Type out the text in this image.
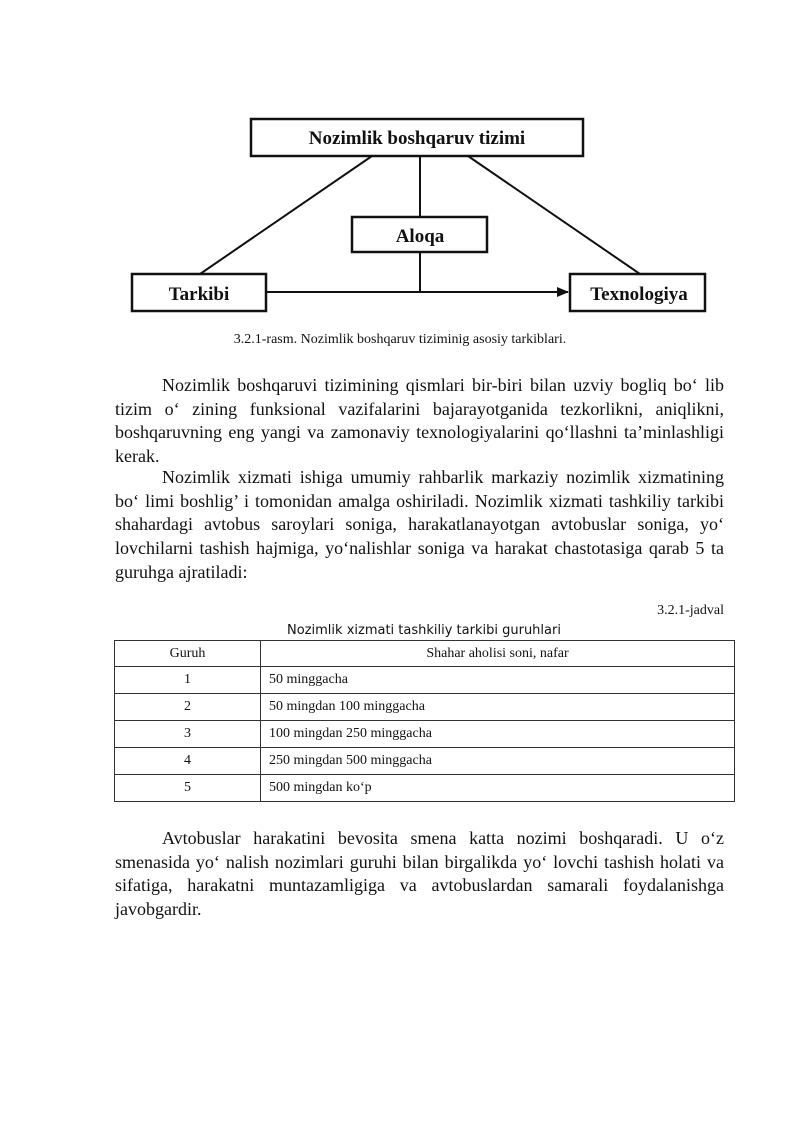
Nozimlik boshqaruv tizimi
Aloqa
Tarkibi	Texnologiya
3.2.1-rasm. Nozimlik boshqaruv tiziminig asosiy tarkiblari.

Nozimlik boshqaruvi tizimining qismlari bir-biri bilan uzviy bogliq bo‘ lib tizim o‘ zining funksional vazifalarini bajarayotganida tezkorlikni, aniqlikni, boshqaruvning eng yangi va zamonaviy texnologiyalarini qo‘llashni ta’minlashligi kerak.

Nozimlik xizmati ishiga umumiy rahbarlik markaziy nozimlik xizmatining bo‘ limi boshlig’ i tomonidan amalga oshiriladi. Nozimlik xizmati tashkiliy tarkibi shahardagi avtobus saroylari soniga, harakatlanayotgan avtobuslar soniga, yo‘ lovchilarni tashish hajmiga, yo‘nalishlar soniga va harakat chastotasiga qarab 5 ta guruhga ajratiladi:

3.2.1-jadval
Nozimlik xizmati tashkiliy tarkibi guruhlari
Guruh	Shahar aholisi soni, nafar
1	50 minggacha
2	50 mingdan 100 minggacha
3	100 mingdan 250 minggacha
4	250 mingdan 500 minggacha
5	500 mingdan ko‘p

Avtobuslar harakatini bevosita smena katta nozimi boshqaradi. U o‘z smenasida yo‘ nalish nozimlari guruhi bilan birgalikda yo‘ lovchi tashish holati va sifatiga, harakatni muntazamligiga va avtobuslardan samarali foydalanishga javobgardir.
